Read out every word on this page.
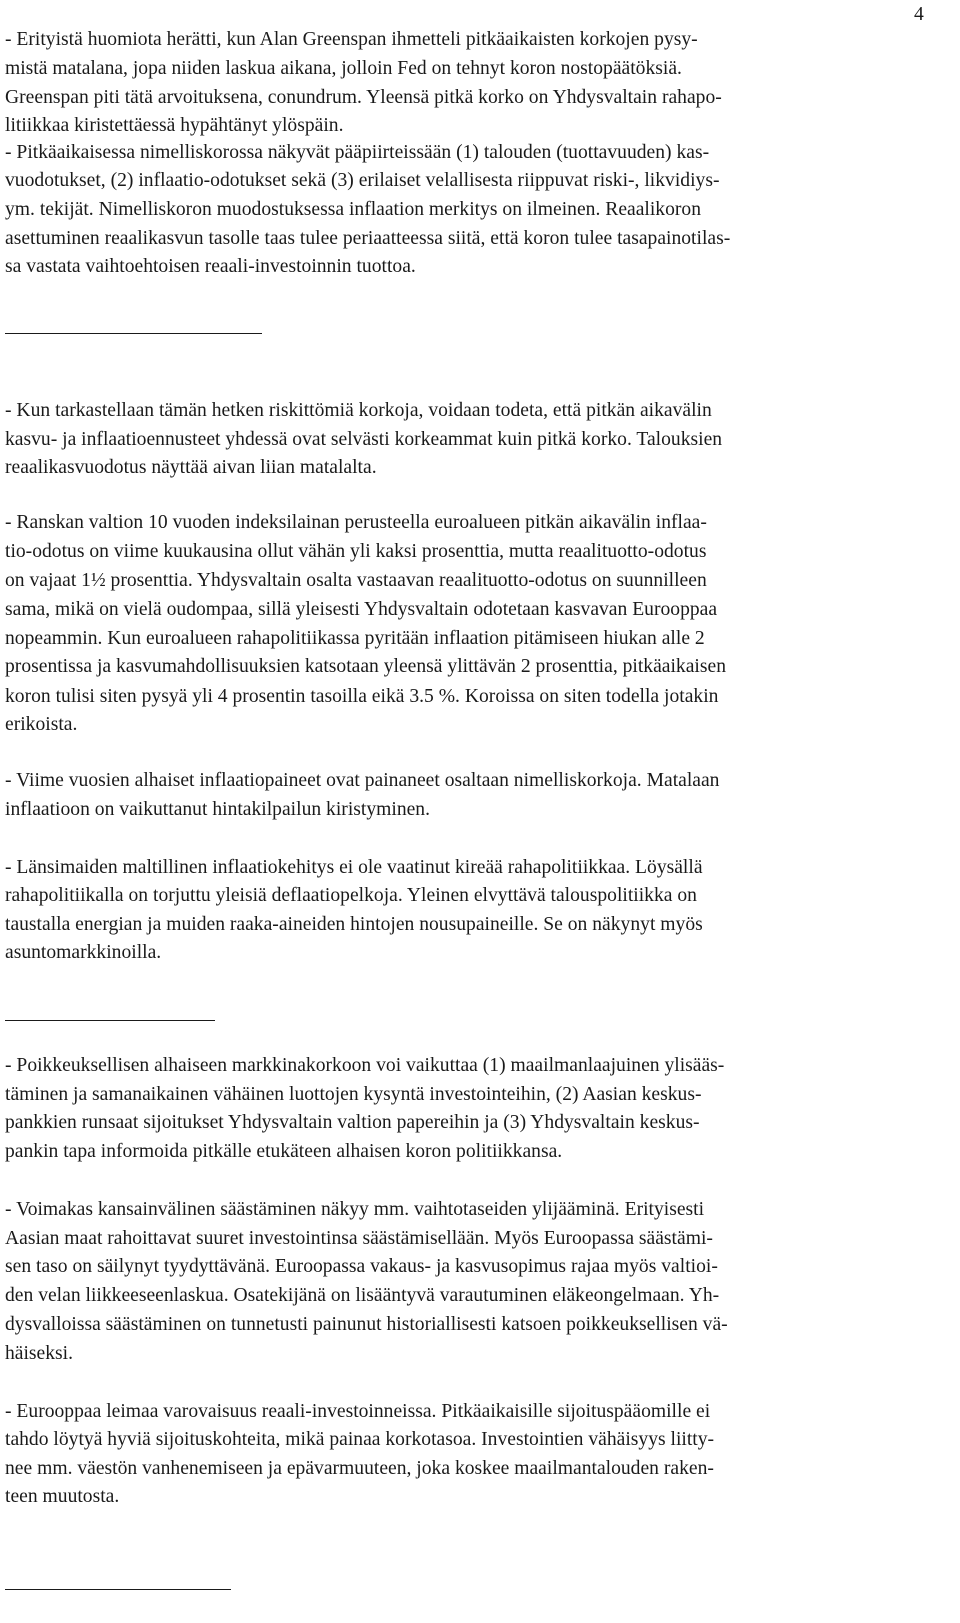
4
- Erityistä huomiota herätti, kun Alan Greenspan ihmetteli pitkäaikaisten korkojen pysy-
mistä matalana, jopa niiden laskua aikana, jolloin Fed on tehnyt koron nostopäätöksiä.
Greenspan piti tätä arvoituksena, conundrum. Yleensä pitkä korko on Yhdysvaltain rahapo-
litiikkaa kiristettäessä hypähtänyt ylöspäin.
- Pitkäaikaisessa nimelliskorossa näkyvät pääpiirteissään (1) talouden (tuottavuuden) kas-
vuodotukset, (2) inflaatio-odotukset sekä (3) erilaiset velallisesta riippuvat riski-, likvidiys-
ym. tekijät. Nimelliskoron muodostuksessa inflaation merkitys on ilmeinen. Reaalikoron
asettuminen reaalikasvun tasolle taas tulee periaatteessa siitä, että koron tulee tasapainotilas-
sa vastata vaihtoehtoisen reaali-investoinnin tuottoa.
- Kun tarkastellaan tämän hetken riskittömiä korkoja, voidaan todeta, että pitkän aikavälin
kasvu- ja inflaatioennusteet yhdessä ovat selvästi korkeammat kuin pitkä korko. Talouksien
reaalikasvuodotus näyttää aivan liian matalalta.
- Ranskan valtion 10 vuoden indeksilainan perusteella euroalueen pitkän aikavälin inflaa-
tio-odotus on viime kuukausina ollut vähän yli kaksi prosenttia, mutta reaalituotto-odotus
on vajaat 1½ prosenttia. Yhdysvaltain osalta vastaavan reaalituotto-odotus on suunnilleen
sama, mikä on vielä oudompaa, sillä yleisesti Yhdysvaltain odotetaan kasvavan Eurooppaa
nopeammin. Kun euroalueen rahapolitiikassa pyritään inflaation pitämiseen hiukan alle 2
prosentissa ja kasvumahdollisuuksien katsotaan yleensä ylittävän 2 prosenttia, pitkäaikaisen
koron tulisi siten pysyä yli 4 prosentin tasoilla eikä 3.5 %. Koroissa on siten todella jotakin
erikoista.
- Viime vuosien alhaiset inflaatiopaineet ovat painaneet osaltaan nimelliskorkoja. Matalaan
inflaatioon on vaikuttanut hintakilpailun kiristyminen.
- Länsimaiden maltillinen inflaatiokehitys ei ole vaatinut kireää rahapolitiikkaa. Löysällä
rahapolitiikalla on torjuttu yleisiä deflaatiopelkoja. Yleinen elvyttävä talouspolitiikka on
taustalla energian ja muiden raaka-aineiden hintojen nousupaineille. Se on näkynyt myös
asuntomarkkinoilla.
- Poikkeuksellisen alhaiseen markkinakorkoon voi vaikuttaa (1) maailmanlaajuinen ylisääs-
täminen ja samanaikainen vähäinen luottojen kysyntä investointeihin, (2) Aasian keskus-
pankkien runsaat sijoitukset Yhdysvaltain valtion papereihin ja (3) Yhdysvaltain keskus-
pankin tapa informoida pitkälle etukäteen alhaisen koron politiikkansa.
- Voimakas kansainvälinen säästäminen näkyy mm. vaihtotaseiden ylijääminä. Erityisesti
Aasian maat rahoittavat suuret investointinsa säästämisellään. Myös Euroopassa säästämi-
sen taso on säilynyt tyydyttävänä. Euroopassa vakaus- ja kasvusopimus rajaa myös valtioi-
den velan liikkeeseenlaskua. Osatekijänä on lisääntyvä varautuminen eläkeongelmaan. Yh-
dysvalloissa säästäminen on tunnetusti painunut historiallisesti katsoen poikkeuksellisen vä-
häiseksi.
- Eurooppaa leimaa varovaisuus reaali-investoinneissa. Pitkäaikaisille sijoituspääomille ei
tahdo löytyä hyviä sijoituskohteita, mikä painaa korkotasoa. Investointien vähäisyys liitty-
nee mm. väestön vanhenemiseen ja epävarmuuteen, joka koskee maailmantalouden raken-
teen muutosta.
